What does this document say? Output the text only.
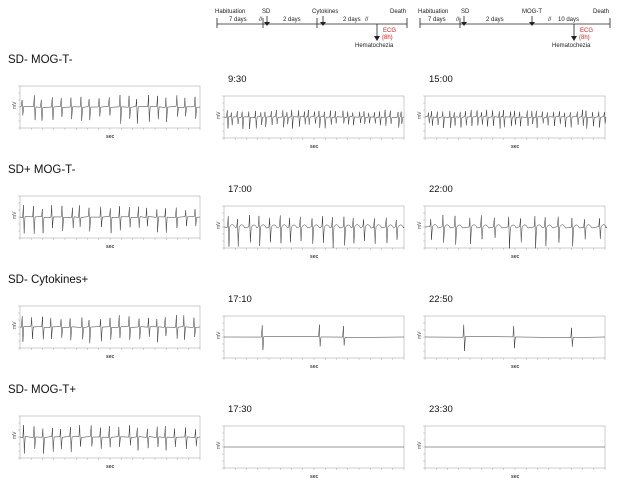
//	//
Habituation	SD	Cytokines	Death
7 days	2 days	2 days
ECG
(8h)
Hematochezia
//	//
Habituation SD	MOG-T	Death
7 days	2 days	10 days
ECG
(8h)
Hematochezia
SD- MOG-T-
mV
sec
9:30
mV
sec
15:00
mV
sec
SD+ MOG-T-
mV
sec
17:00
mV
sec
22:00
mV
sec
SD- Cytokines+
mV
sec
17:10
mV
sec
22:50
mV
sec
SD- MOG-T+
mV
sec
17:30
mV
sec
23:30
mV
sec
